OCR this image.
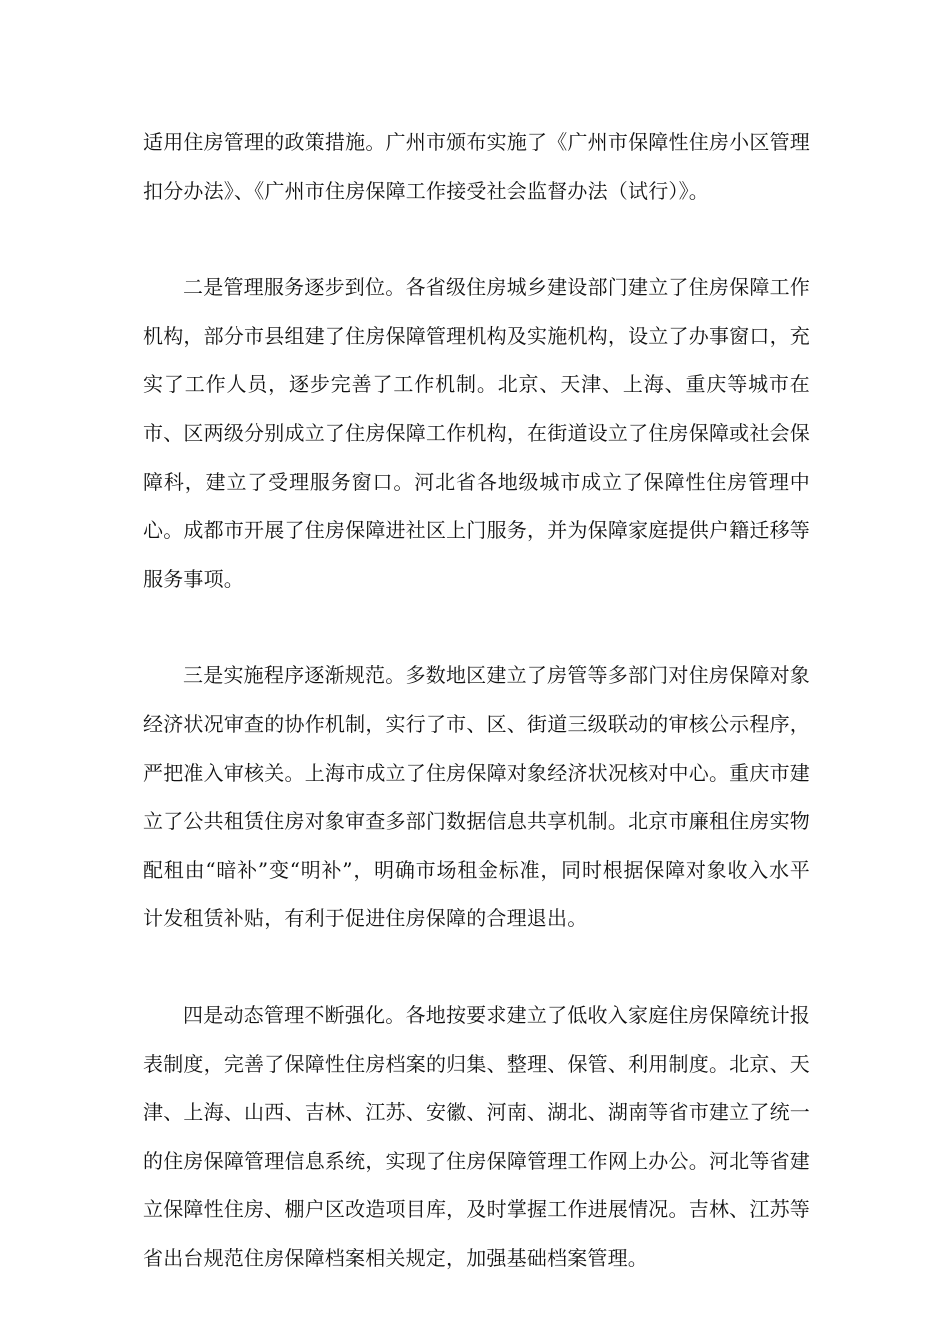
适用住房管理的政策措施。广州市颁布实施了《广州市保障性住房小区管理扣分办法》、《广州市住房保障工作接受社会监督办法（试行）》。

二是管理服务逐步到位。各省级住房城乡建设部门建立了住房保障工作机构，部分市县组建了住房保障管理机构及实施机构，设立了办事窗口，充实了工作人员，逐步完善了工作机制。北京、天津、上海、重庆等城市在市、区两级分别成立了住房保障工作机构，在街道设立了住房保障或社会保障科，建立了受理服务窗口。河北省各地级城市成立了保障性住房管理中心。成都市开展了住房保障进社区上门服务，并为保障家庭提供户籍迁移等服务事项。

三是实施程序逐渐规范。多数地区建立了房管等多部门对住房保障对象经济状况审查的协作机制，实行了市、区、街道三级联动的审核公示程序，严把准入审核关。上海市成立了住房保障对象经济状况核对中心。重庆市建立了公共租赁住房对象审查多部门数据信息共享机制。北京市廉租住房实物配租由“暗补”变“明补”，明确市场租金标准，同时根据保障对象收入水平计发租赁补贴，有利于促进住房保障的合理退出。

四是动态管理不断强化。各地按要求建立了低收入家庭住房保障统计报表制度，完善了保障性住房档案的归集、整理、保管、利用制度。北京、天津、上海、山西、吉林、江苏、安徽、河南、湖北、湖南等省市建立了统一的住房保障管理信息系统，实现了住房保障管理工作网上办公。河北等省建立保障性住房、棚户区改造项目库，及时掌握工作进展情况。吉林、江苏等省出台规范住房保障档案相关规定，加强基础档案管理。
